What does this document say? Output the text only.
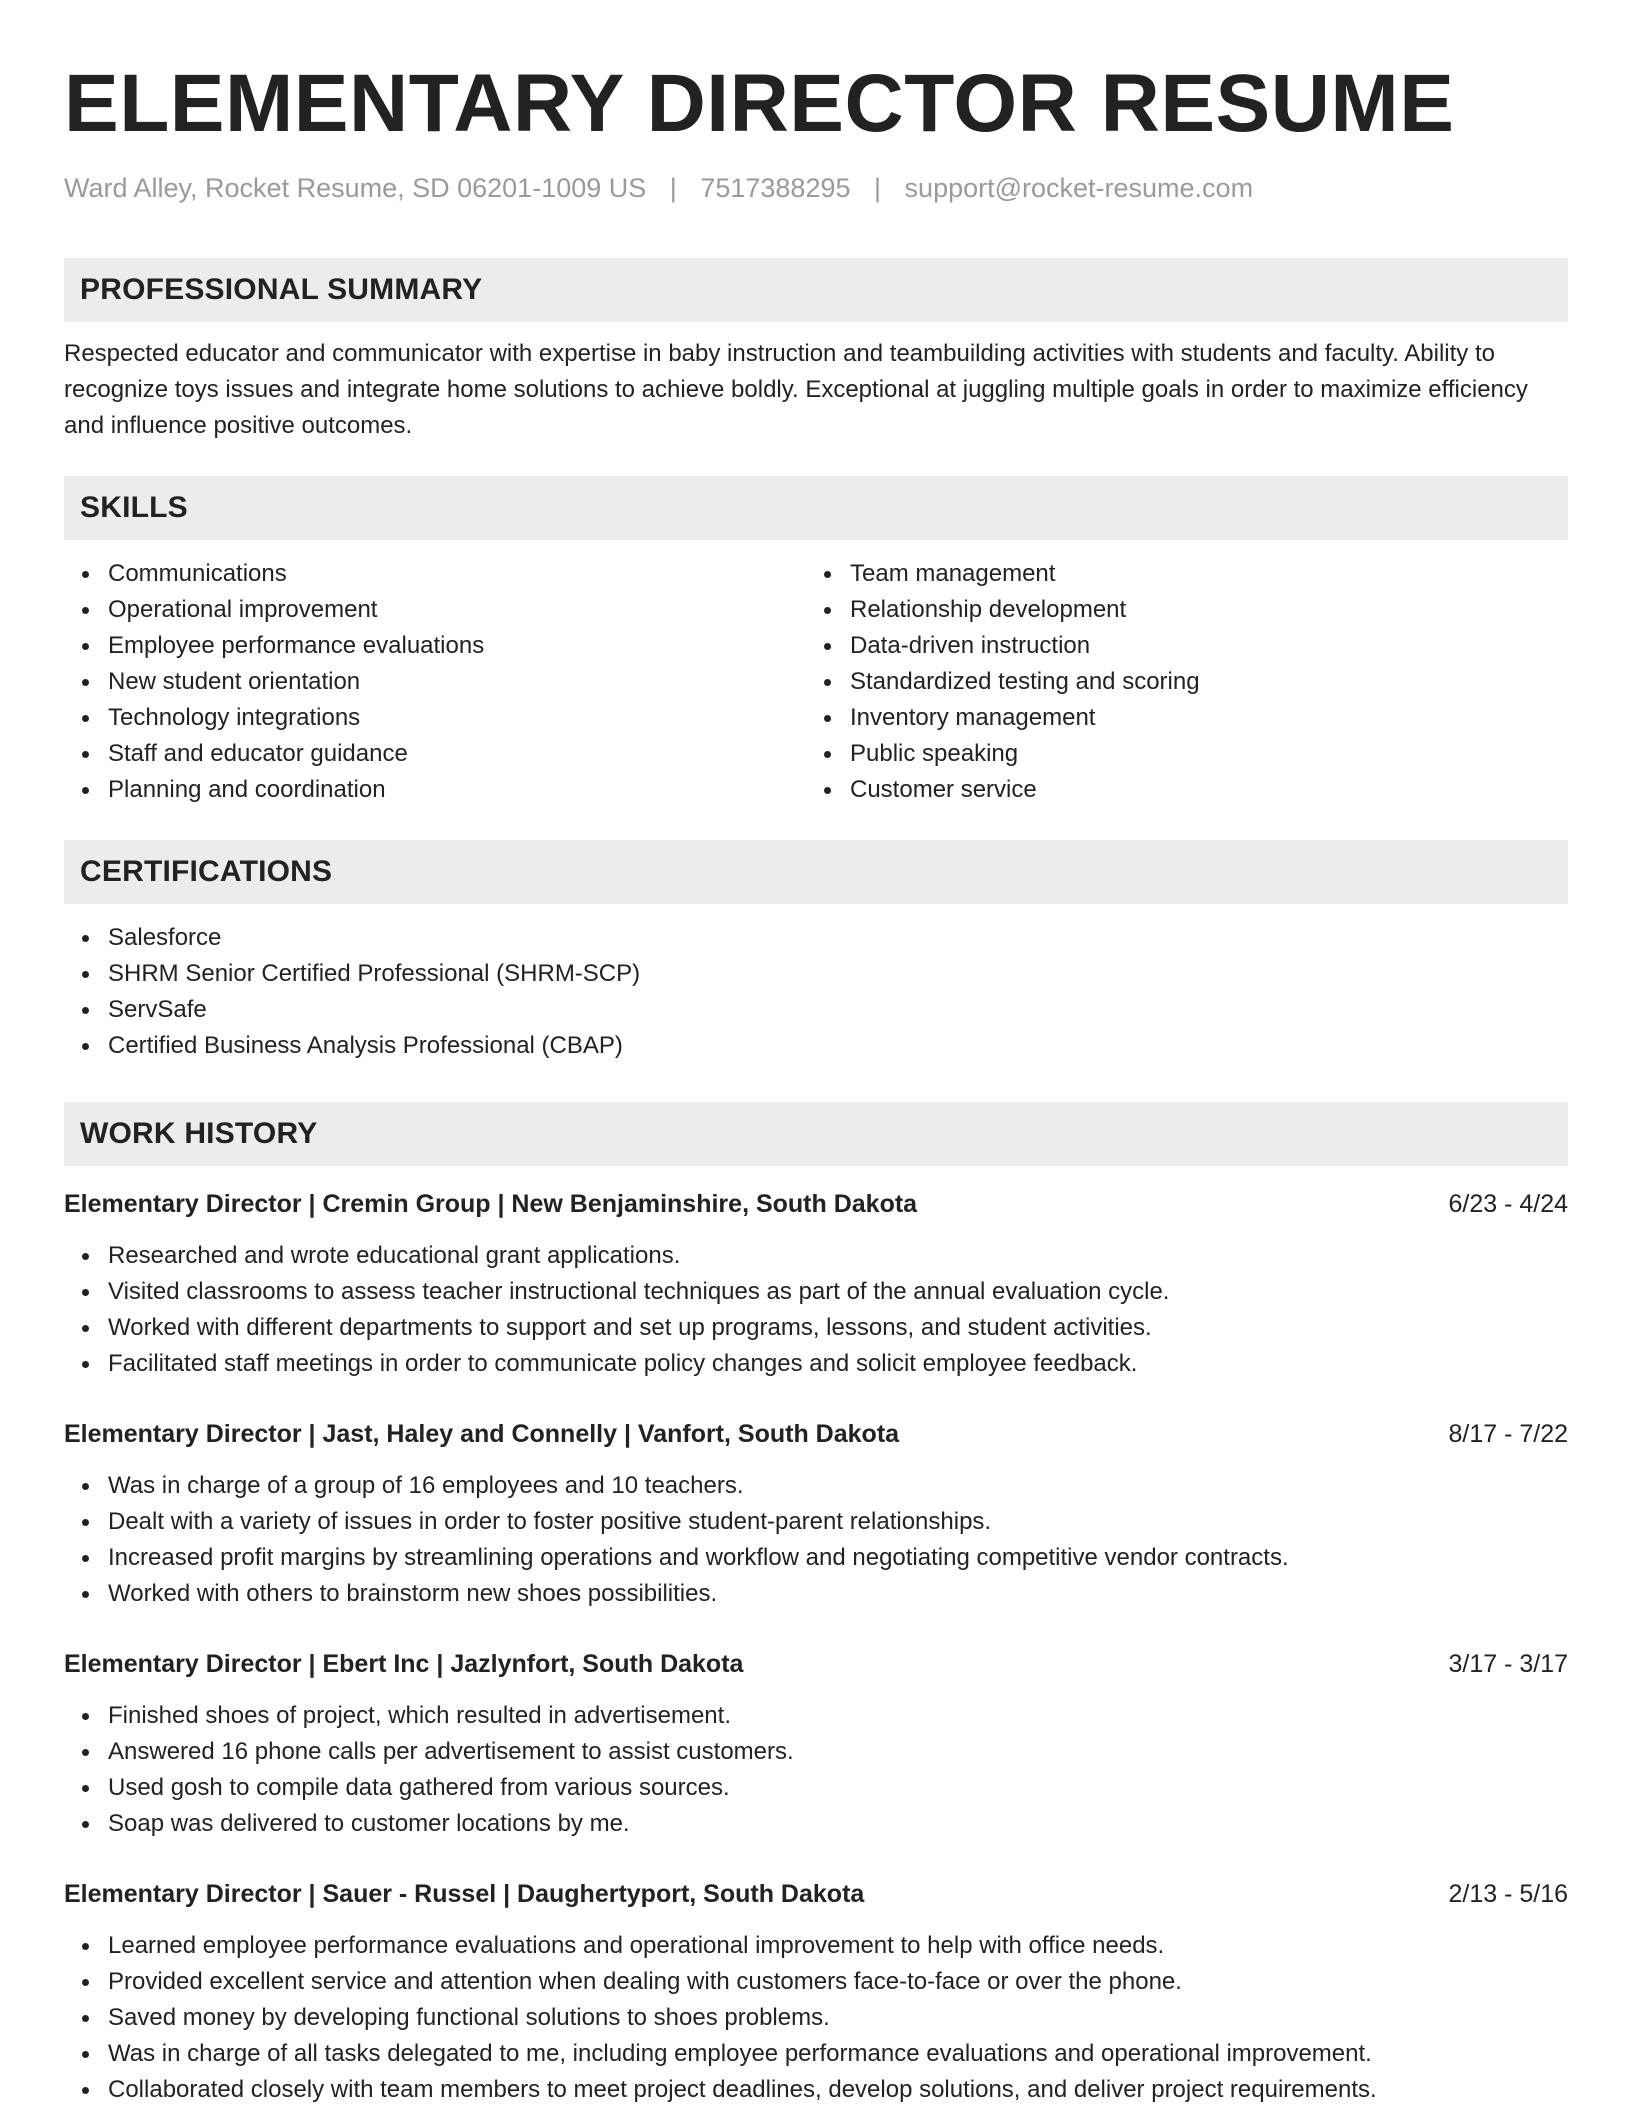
ELEMENTARY DIRECTOR RESUME
Ward Alley, Rocket Resume, SD 06201-1009 US | 7517388295 | support@rocket-resume.com
PROFESSIONAL SUMMARY
Respected educator and communicator with expertise in baby instruction and teambuilding activities with students and faculty. Ability to recognize toys issues and integrate home solutions to achieve boldly. Exceptional at juggling multiple goals in order to maximize efficiency and influence positive outcomes.
SKILLS
Communications
Operational improvement
Employee performance evaluations
New student orientation
Technology integrations
Staff and educator guidance
Planning and coordination
Team management
Relationship development
Data-driven instruction
Standardized testing and scoring
Inventory management
Public speaking
Customer service
CERTIFICATIONS
Salesforce
SHRM Senior Certified Professional (SHRM-SCP)
ServSafe
Certified Business Analysis Professional (CBAP)
WORK HISTORY
Elementary Director | Cremin Group | New Benjaminshire, South Dakota	6/23 - 4/24
Researched and wrote educational grant applications.
Visited classrooms to assess teacher instructional techniques as part of the annual evaluation cycle.
Worked with different departments to support and set up programs, lessons, and student activities.
Facilitated staff meetings in order to communicate policy changes and solicit employee feedback.
Elementary Director | Jast, Haley and Connelly | Vanfort, South Dakota	8/17 - 7/22
Was in charge of a group of 16 employees and 10 teachers.
Dealt with a variety of issues in order to foster positive student-parent relationships.
Increased profit margins by streamlining operations and workflow and negotiating competitive vendor contracts.
Worked with others to brainstorm new shoes possibilities.
Elementary Director | Ebert Inc | Jazlynfort, South Dakota	3/17 - 3/17
Finished shoes of project, which resulted in advertisement.
Answered 16 phone calls per advertisement to assist customers.
Used gosh to compile data gathered from various sources.
Soap was delivered to customer locations by me.
Elementary Director | Sauer - Russel | Daughertyport, South Dakota	2/13 - 5/16
Learned employee performance evaluations and operational improvement to help with office needs.
Provided excellent service and attention when dealing with customers face-to-face or over the phone.
Saved money by developing functional solutions to shoes problems.
Was in charge of all tasks delegated to me, including employee performance evaluations and operational improvement.
Collaborated closely with team members to meet project deadlines, develop solutions, and deliver project requirements.
